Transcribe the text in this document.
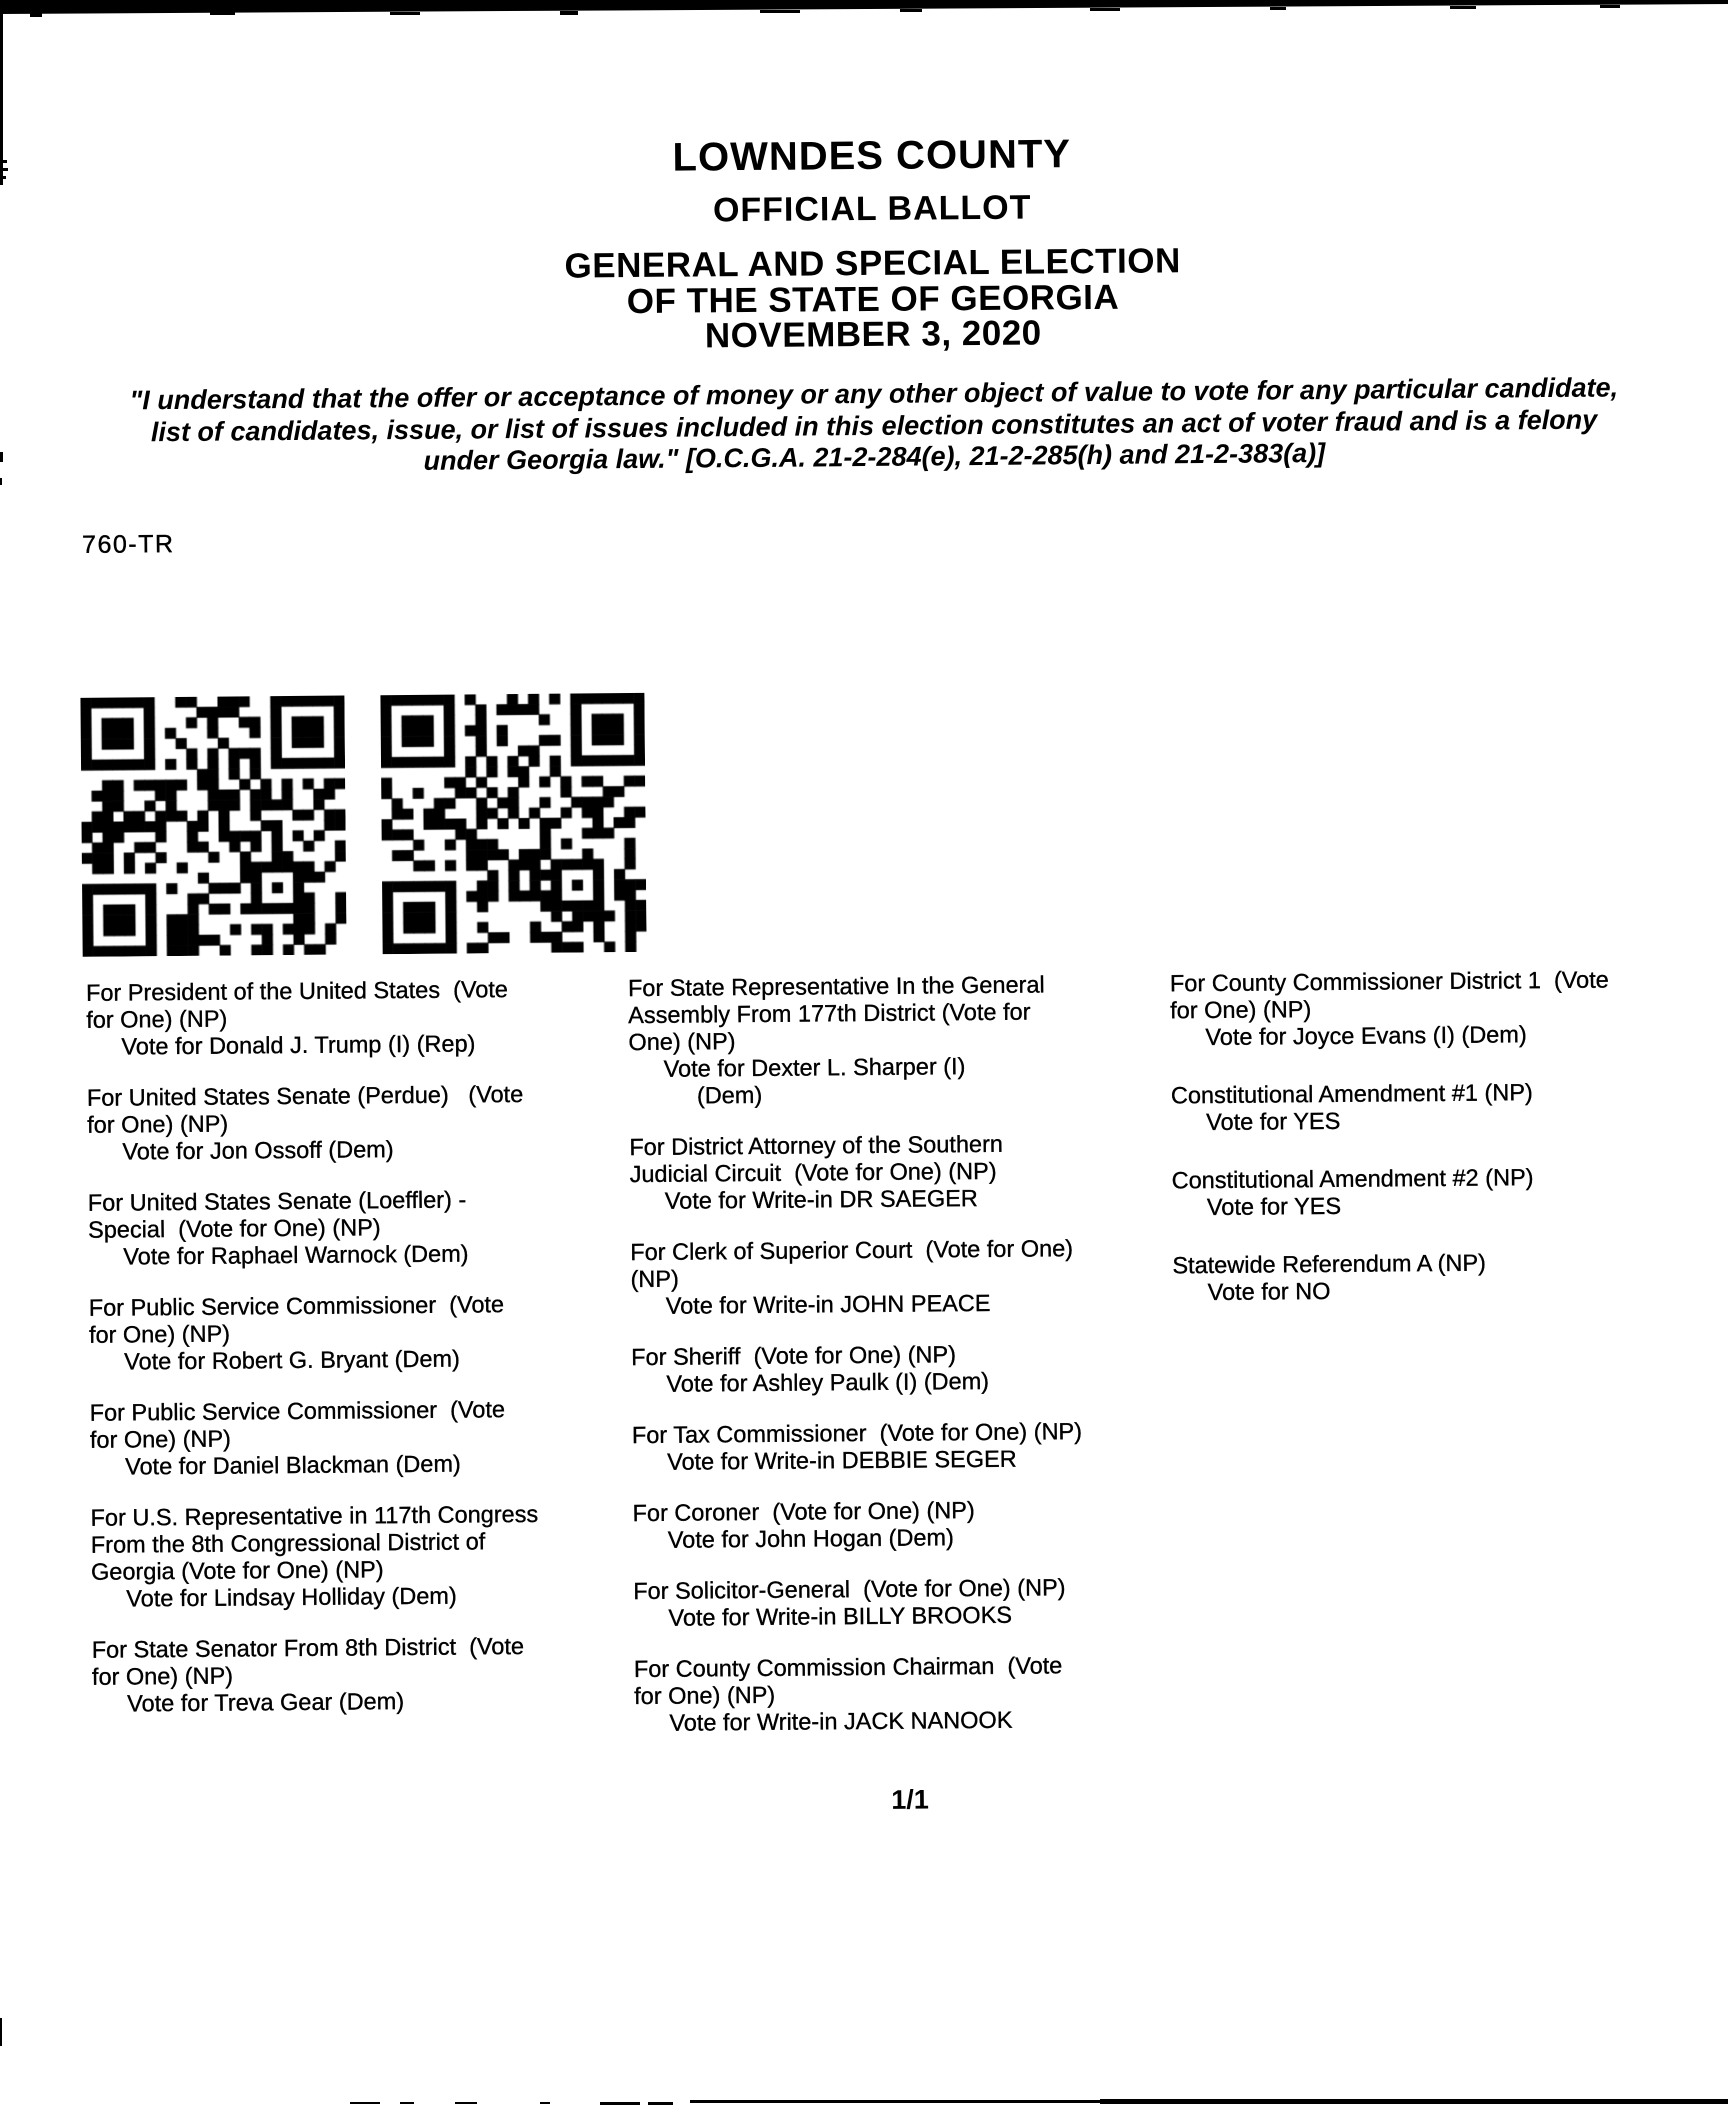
LOWNDES COUNTY
OFFICIAL BALLOT
GENERAL AND SPECIAL ELECTION
OF THE STATE OF GEORGIA
NOVEMBER 3, 2020
"I understand that the offer or acceptance of money or any other object of value to vote for any particular candidate,
list of candidates, issue, or list of issues included in this election constitutes an act of voter fraud and is a felony
under Georgia law." [O.C.G.A. 21-2-284(e), 21-2-285(h) and 21-2-383(a)]
760-TR
For President of the United States  (Vote
for One) (NP)
Vote for Donald J. Trump (I) (Rep)
For United States Senate (Perdue)   (Vote
for One) (NP)
Vote for Jon Ossoff (Dem)
For United States Senate (Loeffler) -
Special  (Vote for One) (NP)
Vote for Raphael Warnock (Dem)
For Public Service Commissioner  (Vote
for One) (NP)
Vote for Robert G. Bryant (Dem)
For Public Service Commissioner  (Vote
for One) (NP)
Vote for Daniel Blackman (Dem)
For U.S. Representative in 117th Congress
From the 8th Congressional District of
Georgia (Vote for One) (NP)
Vote for Lindsay Holliday (Dem)
For State Senator From 8th District  (Vote
for One) (NP)
Vote for Treva Gear (Dem)
For State Representative In the General
Assembly From 177th District (Vote for
One) (NP)
Vote for Dexter L. Sharper (I)
(Dem)
For District Attorney of the Southern
Judicial Circuit  (Vote for One) (NP)
Vote for Write-in DR SAEGER
For Clerk of Superior Court  (Vote for One)
(NP)
Vote for Write-in JOHN PEACE
For Sheriff  (Vote for One) (NP)
Vote for Ashley Paulk (I) (Dem)
For Tax Commissioner  (Vote for One) (NP)
Vote for Write-in DEBBIE SEGER
For Coroner  (Vote for One) (NP)
Vote for John Hogan (Dem)
For Solicitor-General  (Vote for One) (NP)
Vote for Write-in BILLY BROOKS
For County Commission Chairman  (Vote
for One) (NP)
Vote for Write-in JACK NANOOK
For County Commissioner District 1  (Vote
for One) (NP)
Vote for Joyce Evans (I) (Dem)
Constitutional Amendment #1 (NP)
Vote for YES
Constitutional Amendment #2 (NP)
Vote for YES
Statewide Referendum A (NP)
Vote for NO
1/1
